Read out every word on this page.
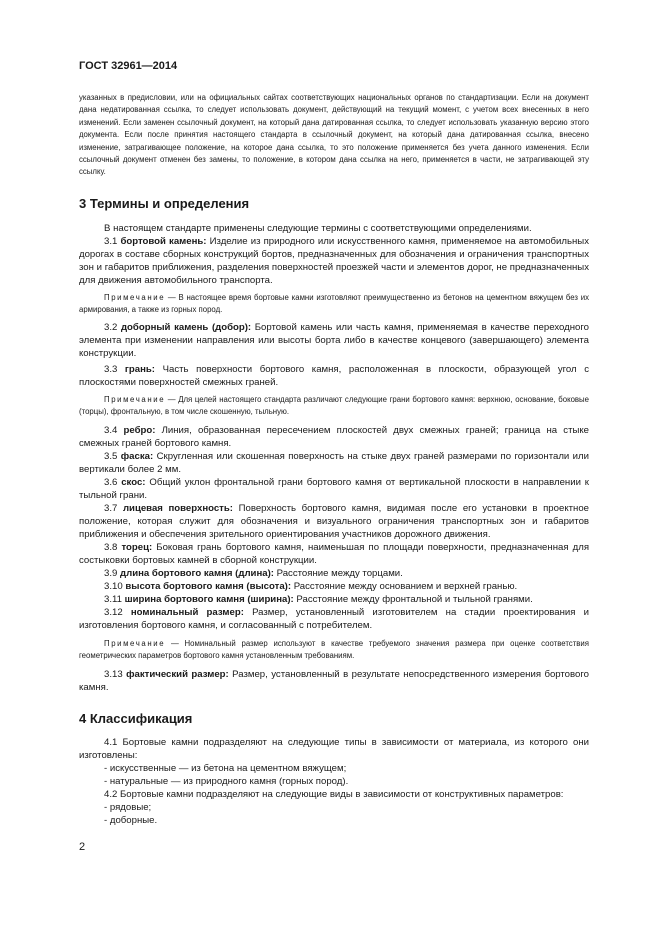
ГОСТ 32961—2014

указанных в предисловии, или на официальных сайтах соответствующих национальных органов по стандартизации. Если на документ дана недатированная ссылка, то следует использовать документ, действующий на текущий момент, с учетом всех внесенных в него изменений. Если заменен ссылочный документ, на который дана датированная ссылка, то следует использовать указанную версию этого документа. Если после принятия настоящего стандарта в ссылочный документ, на который дана датированная ссылка, внесено изменение, затрагивающее положение, на которое дана ссылка, то это положение применяется без учета данного изменения. Если ссылочный документ отменен без замены, то положение, в котором дана ссылка на него, применяется в части, не затрагивающей эту ссылку.

3 Термины и определения

В настоящем стандарте применены следующие термины с соответствующими определениями.

3.1 бортовой камень: Изделие из природного или искусственного камня, применяемое на автомобильных дорогах в составе сборных конструкций бортов, предназначенных для обозначения и ограничения транспортных зон и габаритов приближения, разделения поверхностей проезжей части и элементов дорог, не предназначенных для движения автомобильного транспорта.

Примечание — В настоящее время бортовые камни изготовляют преимущественно из бетонов на цементном вяжущем без их армирования, а также из горных пород.

3.2 доборный камень (добор): Бортовой камень или часть камня, применяемая в качестве переходного элемента при изменении направления или высоты борта либо в качестве концевого (завершающего) элемента конструкции.

3.3 грань: Часть поверхности бортового камня, расположенная в плоскости, образующей угол с плоскостями поверхностей смежных граней.

Примечание — Для целей настоящего стандарта различают следующие грани бортового камня: верхнюю, основание, боковые (торцы), фронтальную, в том числе скошенную, тыльную.

3.4 ребро: Линия, образованная пересечением плоскостей двух смежных граней; граница на стыке смежных граней бортового камня.

3.5 фаска: Скругленная или скошенная поверхность на стыке двух граней размерами по горизонтали или вертикали более 2 мм.

3.6 скос: Общий уклон фронтальной грани бортового камня от вертикальной плоскости в направлении к тыльной грани.

3.7 лицевая поверхность: Поверхность бортового камня, видимая после его установки в проектное положение, которая служит для обозначения и визуального ограничения транспортных зон и габаритов приближения и обеспечения зрительного ориентирования участников дорожного движения.

3.8 торец: Боковая грань бортового камня, наименьшая по площади поверхности, предназначенная для состыковки бортовых камней в сборной конструкции.

3.9 длина бортового камня (длина): Расстояние между торцами.

3.10 высота бортового камня (высота): Расстояние между основанием и верхней гранью.

3.11 ширина бортового камня (ширина): Расстояние между фронтальной и тыльной гранями.

3.12 номинальный размер: Размер, установленный изготовителем на стадии проектирования и изготовления бортового камня, и согласованный с потребителем.

Примечание — Номинальный размер используют в качестве требуемого значения размера при оценке соответствия геометрических параметров бортового камня установленным требованиям.

3.13 фактический размер: Размер, установленный в результате непосредственного измерения бортового камня.

4 Классификация

4.1 Бортовые камни подразделяют на следующие типы в зависимости от материала, из которого они изготовлены:

- искусственные — из бетона на цементном вяжущем;

- натуральные — из природного камня (горных пород).

4.2 Бортовые камни подразделяют на следующие виды в зависимости от конструктивных параметров:

- рядовые;

- доборные.

2
